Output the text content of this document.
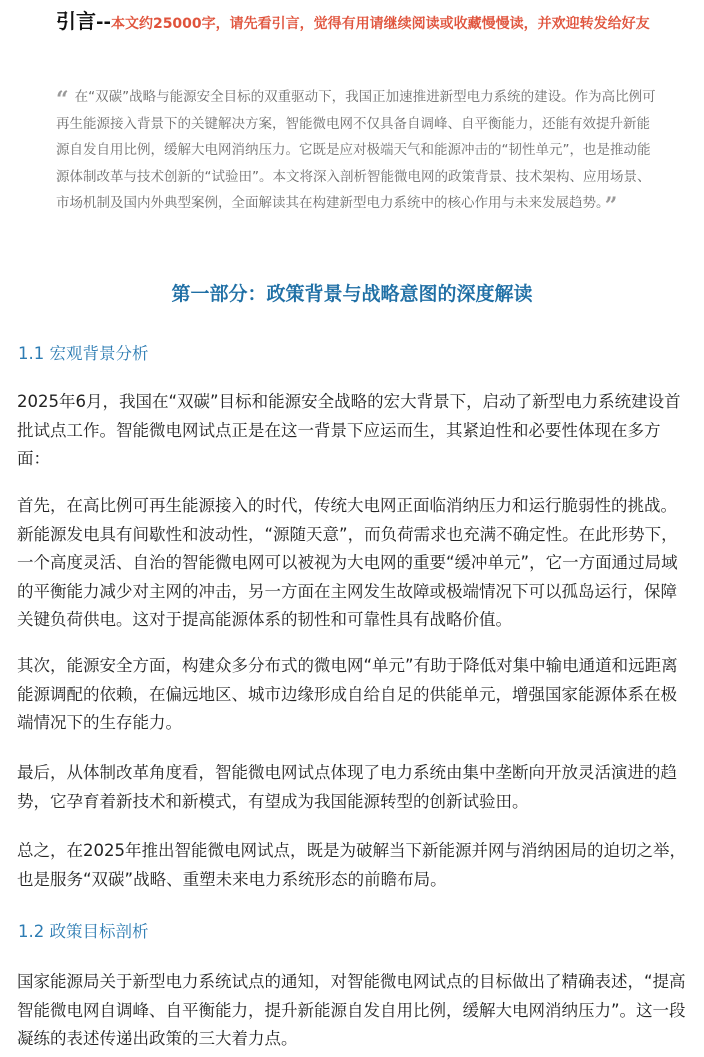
引言--本文约25000字，请先看引言，觉得有用请继续阅读或收藏慢慢读，并欢迎转发给好友
“ 在“双碳”战略与能源安全目标的双重驱动下，我国正加速推进新型电力系统的建设。作为高比例可再生能源接入背景下的关键解决方案，智能微电网不仅具备自调峰、自平衡能力，还能有效提升新能源自发自用比例，缓解大电网消纳压力。它既是应对极端天气和能源冲击的“韧性单元”，也是推动能源体制改革与技术创新的“试验田”。本文将深入剖析智能微电网的政策背景、技术架构、应用场景、市场机制及国内外典型案例，全面解读其在构建新型电力系统中的核心作用与未来发展趋势。”
第一部分：政策背景与战略意图的深度解读
1.1 宏观背景分析

2025年6月，我国在“双碳”目标和能源安全战略的宏大背景下，启动了新型电力系统建设首批试点工作。智能微电网试点正是在这一背景下应运而生，其紧迫性和必要性体现在多方面：

首先，在高比例可再生能源接入的时代，传统大电网正面临消纳压力和运行脆弱性的挑战。新能源发电具有间歇性和波动性，“源随天意”，而负荷需求也充满不确定性。在此形势下，一个高度灵活、自治的智能微电网可以被视为大电网的重要“缓冲单元”，它一方面通过局域的平衡能力减少对主网的冲击，另一方面在主网发生故障或极端情况下可以孤岛运行，保障关键负荷供电。这对于提高能源体系的韧性和可靠性具有战略价值。

其次，能源安全方面，构建众多分布式的微电网“单元”有助于降低对集中输电通道和远距离能源调配的依赖，在偏远地区、城市边缘形成自给自足的供能单元，增强国家能源体系在极端情况下的生存能力。

最后，从体制改革角度看，智能微电网试点体现了电力系统由集中垄断向开放灵活演进的趋势，它孕育着新技术和新模式，有望成为我国能源转型的创新试验田。

总之，在2025年推出智能微电网试点，既是为破解当下新能源并网与消纳困局的迫切之举，也是服务“双碳”战略、重塑未来电力系统形态的前瞻布局。

1.2 政策目标剖析

国家能源局关于新型电力系统试点的通知，对智能微电网试点的目标做出了精确表述，“提高智能微电网自调峰、自平衡能力，提升新能源自发自用比例，缓解大电网消纳压力”。这一段凝练的表述传递出政策的三大着力点。
